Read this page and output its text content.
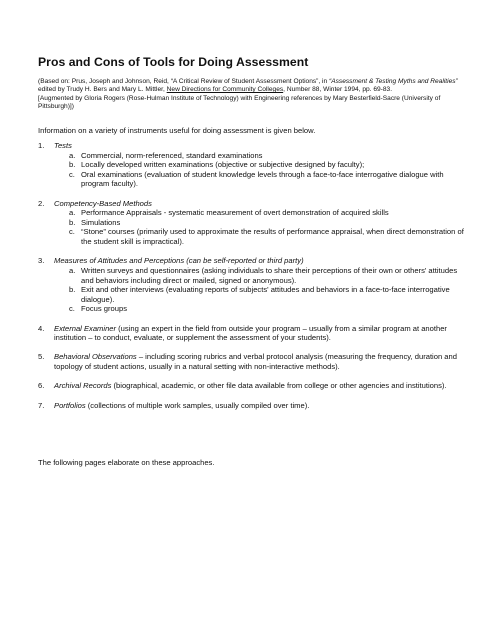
Pros and Cons of Tools for Doing Assessment

(Based on: Prus, Joseph and Johnson, Reid, “A Critical Review of Student Assessment Options”, in “Assessment & Testing Myths and Realities” edited by Trudy H. Bers and Mary L. Mittler, New Directions for Community Colleges, Number 88, Winter 1994, pp. 69-83.
[Augmented by Gloria Rogers (Rose-Hulman Institute of Technology) with Engineering references by Mary Besterfield-Sacre (University of Pittsburgh)])

Information on a variety of instruments useful for doing assessment is given below.

1.	Tests
a. Commercial, norm-referenced, standard examinations
b. Locally developed written examinations (objective or subjective designed by faculty);
c. Oral examinations (evaluation of student knowledge levels through a face-to-face interrogative dialogue with program faculty).
2.	Competency-Based Methods
a. Performance Appraisals - systematic measurement of overt demonstration of acquired skills
b. Simulations
c. “Stone” courses (primarily used to approximate the results of performance appraisal, when direct demonstration of the student skill is impractical).
3.	Measures of Attitudes and Perceptions (can be self-reported or third party)
a. Written surveys and questionnaires (asking individuals to share their perceptions of their own or others' attitudes and behaviors including direct or mailed, signed or anonymous).
b. Exit and other interviews (evaluating reports of subjects' attitudes and behaviors in a face-to-face interrogative dialogue).
c. Focus groups
4.	External Examiner (using an expert in the field from outside your program – usually from a similar program at another institution – to conduct, evaluate, or supplement the assessment of your students).
5.	Behavioral Observations – including scoring rubrics and verbal protocol analysis (measuring the frequency, duration and topology of student actions, usually in a natural setting with non-interactive methods).
6.	Archival Records (biographical, academic, or other file data available from college or other agencies and institutions).
7.	Portfolios (collections of multiple work samples, usually compiled over time).

The following pages elaborate on these approaches.
